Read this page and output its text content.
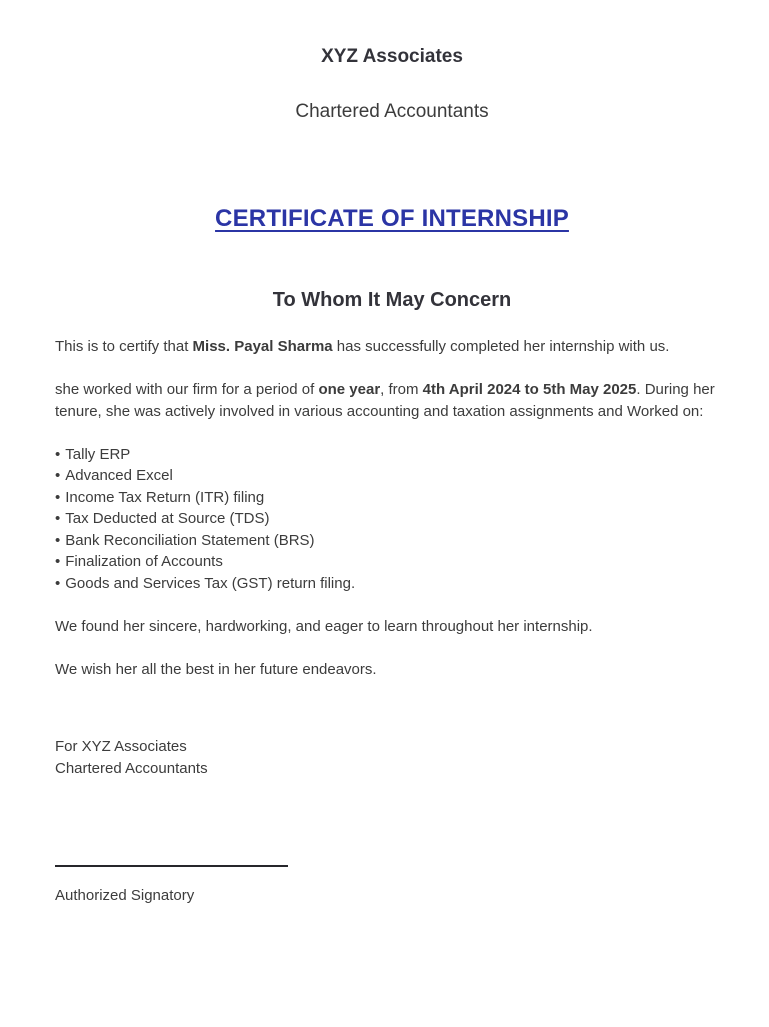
XYZ Associates
Chartered Accountants
CERTIFICATE OF INTERNSHIP
To Whom It May Concern

This is to certify that Miss. Payal Sharma has successfully completed her internship with us.

she worked with our firm for a period of one year, from 4th April 2024 to 5th May 2025. During her tenure, she was actively involved in various accounting and taxation assignments and Worked on:

• Tally ERP
• Advanced Excel
• Income Tax Return (ITR) filing
• Tax Deducted at Source (TDS)
• Bank Reconciliation Statement (BRS)
• Finalization of Accounts
• Goods and Services Tax (GST) return filing.

We found her sincere, hardworking, and eager to learn throughout her internship.

We wish her all the best in her future endeavors.

For XYZ Associates
Chartered Accountants
Authorized Signatory
